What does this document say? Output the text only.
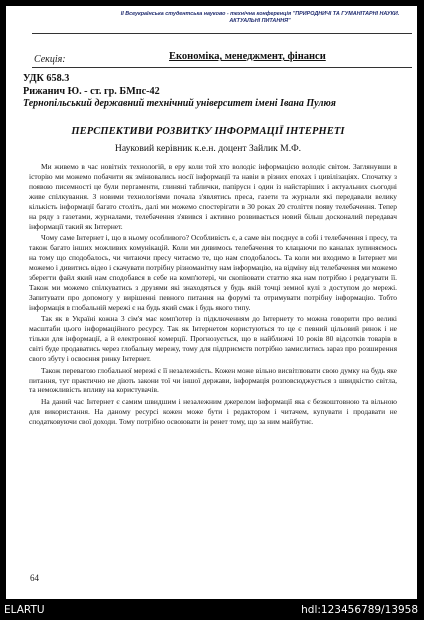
ІІ Всеукраїнська студентська науково - технічна конференція "ПРИРОДНИЧІ ТА ГУМАНІТАРНІ НАУКИ. АКТУАЛЬНІ ПИТАННЯ"
Секція:	Економіка, менеджмент, фінанси
УДК 658.3
Рижанич Ю. - ст. гр. БМпс-42
Тернопільський державний технічний університет імені Івана Пулюя
ПЕРСПЕКТИВИ РОЗВИТКУ ІНФОРМАЦІЇ ІНТЕРНЕТІ
Науковий керівник к.е.н. доцент Зайлик М.Ф.

Ми живемо в час новітніх технологій, в еру коли той хто володіє інформацією володіє світом. Заглянувши в історію ми можемо побачити як змінювались носії інформації та навіи в різних епохах і цивілізаціях. Спочатку з появою писемності це були пергаменти, глиняні таблички, папірусн і один із найстаріших і актуальних сьогодні живе спілкування. З новими технологіями почала з'являтись преса, газети та журнали які передавали велику кількість інформації багато століть, далі ми можемо спостерігати в 30 роках 20 століття появу телебачення. Тепер на ряду з газетами, журналами, телебачення з'явився і активно розвивається новий більш досконалий передавач інформації такий як Інтернет.

Чому саме Інтернет і, що в ньому особливого? Особливість є, а саме він поєднує в собі і телебачення і пресу, та також багато інших можливих комунікацій. Коли ми дивимось телебачення то клацаючи по каналах зупиняємось на тому що сподобалось, чи читаючи пресу читаємо те, що нам сподобалось. Та коли ми входимо в Інтернет ми можемо і дивитись відео і скачувати потрібну різноманітну нам інформацію, на відміну від телебачення ми можемо зберегти файл який нам сподобався в себе на комп'ютері, чи скопіювати статтю яка нам потрібно і редагувати її. Також ми можемо спілкуватись з друзями які знаходяться у будь якій точці земної кулі з доступом до мережі. Запитувати про допомогу у вирішенні певного питання на форумі та отримувати потрібну інформацію. Тобто інформація в глобальній мережі є на будь який смак і будь якого типу.

Так як в Україні кожна 3 сім'я має комп'ютер із підключенням до Інтернету то можна говорити про великі масштаби цього інформаційного ресурсу. Так як Інтернетом користуються то це є певний цільовий ринок і не тільки для інформації, а й електронної комерції. Прогнозується, що в найближчі 10 років 80 відсотків товарів в світі буде продаватись через глобальну мережу, тому для підприємств потрібно замислитись зараз про розширення свого збуту і освоєння ринку Інтернет.

Також перевагою глобальної мережі є її незалежність. Кожен може вільно висвітлювати свою думку на будь яке питання, тут практично не діють закони тої чи іншої держави, інформація розповсюджується з швидкістю світла, та неможливість впливу на користувачів.

На даний час Інтернет є самим швидшим і незалежним джерелом інформації яка є безкоштовною та вільною для використання. На даному ресурсі кожен може бути і редактором і читачем, купувати і продавати не сподатковуючи свої доходи. Тому потрібно освоювати ін ренет тому, що за ним майбутнє.

64
ELARTU	hdl:123456789/13958
